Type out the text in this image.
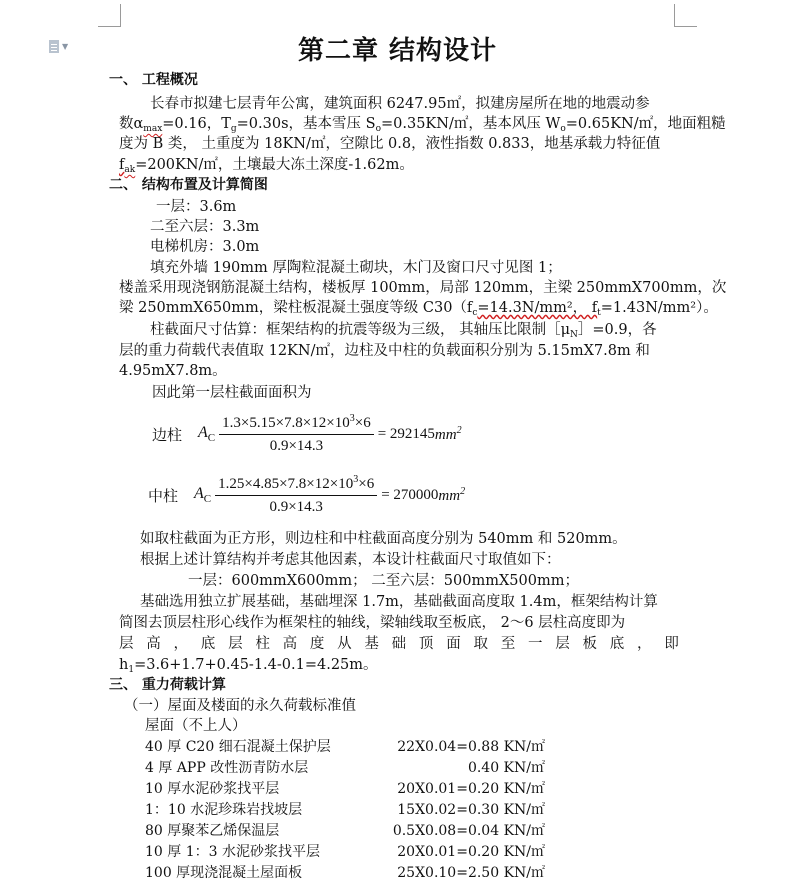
▼	第二章 结构设计
一、 工程概况
长春市拟建七层青年公寓，建筑面积 6247.95㎡，拟建房屋所在地的地震动参
数$\alpha_{max}=0.16$，$T_g=0.30s$，基本雪压 $S_o=0.35KN/㎡$，基本风压 $W_o=0.65KN/㎡$，地面粗糙
度为 B 类， 土重度为 18KN/㎡，空隙比 0.8，液性指数 0.833，地基承载力特征值
$f_{ak}=200KN/㎡$，土壤最大冻土深度-1.62m。
二、 结构布置及计算简图
一层：3.6m
二至六层：3.3m
电梯机房：3.0m
填充外墙 190mm 厚陶粒混凝土砌块，木门及窗口尺寸见图 1；
楼盖采用现浇钢筋混凝土结构，楼板厚 100mm，局部 120mm，主梁 250mmX700mm，次
梁 250mmX650mm，梁柱板混凝土强度等级 $C30(f_c=14.3N$/mm²， $f_t=1.43N/mm^2$）。
柱截面尺寸估算：框架结构的抗震等级为三级， 其轴压比限制$[\mu_N]=0.9$，各
层的重力荷载代表值取 12KN/㎡，边柱及中柱的负载面积分别为 5.15mX7.8m 和
4.95mX7.8m。
因此第一层柱截面面积为
边柱 $A_C \frac{1.3\times 5.15\times 7.8\times 12\times 10^3\times 6}{0.9\times 14.3} = 292145$ $mm^2$
中柱 $A_C \frac{1.25\times 4.85\times 7.8\times 12\times 10^3\times 6}{0.9\times 14.3} = 270000$ $mm^2$
如取柱截面为正方形，则边柱和中柱截面高度分别为 540mm 和 520mm。
根据上述计算结构并考虑其他因素，本设计柱截面尺寸取值如下：
一层：600mmX600mm； 二至六层：500mmX500mm；
基础选用独立扩展基础，基础埋深 1.7m，基础截面高度取 1.4m，框架结构计算
简图去顶层柱形心线作为框架柱的轴线，梁轴线取至板底， 2～6 层柱高度即为
层 高 ， 底 层 柱 高 度 从 基 础 顶 面 取 至 一 层 板 底 ， 即
$h_1=3.6+1.7+0.45-1.4-0.1=4.25m$。
三、 重力荷载计算
（一）屋面及楼面的永久荷载标准值
屋面（不上人）
40 厚 C20 细石混凝土保护层	22X0.04=0.88 KN/㎡
4 厚 APP 改性沥青防水层	0.40 KN/㎡
10 厚水泥砂浆找平层	20X0.01=0.20 KN/㎡
1：10 水泥珍珠岩找坡层	15X0.02=0.30 KN/㎡
80 厚聚苯乙烯保温层	0.5X0.08=0.04 KN/㎡
10 厚 1：3 水泥砂浆找平层	20X0.01=0.20 KN/㎡
100 厚现浇混凝土屋面板	25X0.10=2.50 KN/㎡
